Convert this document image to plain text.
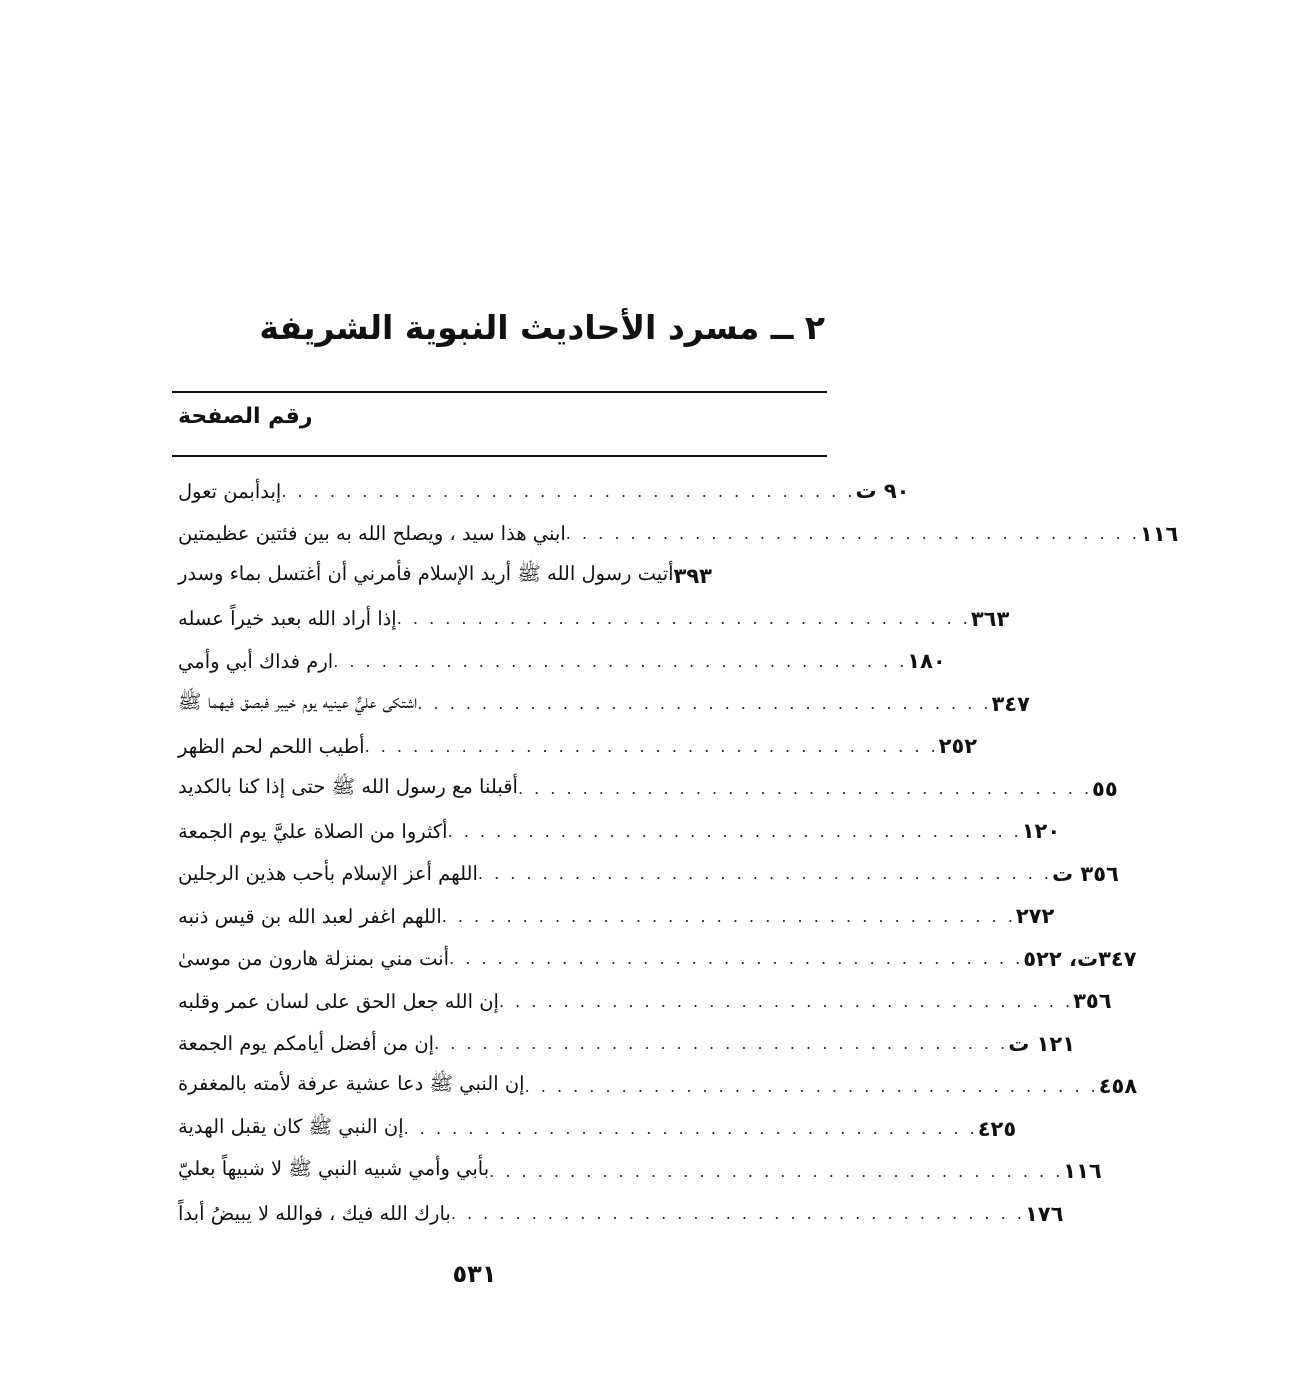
٢ ــ مسرد الأحاديث النبوية الشريفة
رقم الصفحة
إبدأبمن تعول . . . . . . . . . . . . . . . . . . . . . . . . . . . . . . . . . . . . ٩٠ ت
ابني هذا سيد ، ويصلح الله به بين فئتين عظيمتين . . . . . . . . . . . . . . . . . . . . . . . . . . . . . . . . . . . . ١١٦
أتيت رسول الله ﷺ أريد الإسلام فأمرني أن أغتسل بماء وسدر ٣٩٣
إذا أراد الله بعبد خيراً عسله . . . . . . . . . . . . . . . . . . . . . . . . . . . . . . . . . . . . ٣٦٣
ارم فداك أبي وأمي . . . . . . . . . . . . . . . . . . . . . . . . . . . . . . . . . . . . ١٨٠
اشتكى عليٌّ عينيه يوم خيبر فبصق فيهما ﷺ . . . . . . . . . . . . . . . . . . . . . . . . . . . . . . . . . . . . ٣٤٧
أطيب اللحم لحم الظهر . . . . . . . . . . . . . . . . . . . . . . . . . . . . . . . . . . . . ٢٥٢
أقبلنا مع رسول الله ﷺ حتى إذا كنا بالكديد . . . . . . . . . . . . . . . . . . . . . . . . . . . . . . . . . . . . ٥٥
أكثروا من الصلاة عليَّ يوم الجمعة . . . . . . . . . . . . . . . . . . . . . . . . . . . . . . . . . . . . ١٢٠
اللهم أعز الإسلام بأحب هذين الرجلين . . . . . . . . . . . . . . . . . . . . . . . . . . . . . . . . . . . . ٣٥٦ ت
اللهم اغفر لعبد الله بن قيس ذنبه . . . . . . . . . . . . . . . . . . . . . . . . . . . . . . . . . . . . ٢٧٢
أنت مني بمنزلة هارون من موسىٰ . . . . . . . . . . . . . . . . . . . . . . . . . . . . . . . . . . . . ٣٤٧ت، ٥٢٢
إن الله جعل الحق على لسان عمر وقلبه . . . . . . . . . . . . . . . . . . . . . . . . . . . . . . . . . . . . ٣٥٦
إن من أفضل أيامكم يوم الجمعة . . . . . . . . . . . . . . . . . . . . . . . . . . . . . . . . . . . . ١٢١ ت
إن النبي ﷺ دعا عشية عرفة لأمته بالمغفرة . . . . . . . . . . . . . . . . . . . . . . . . . . . . . . . . . . . . ٤٥٨
إن النبي ﷺ كان يقبل الهدية . . . . . . . . . . . . . . . . . . . . . . . . . . . . . . . . . . . . ٤٢٥
بأبي وأمي شبيه النبي ﷺ لا شبيهاً بعليّ . . . . . . . . . . . . . . . . . . . . . . . . . . . . . . . . . . . . ١١٦
بارك الله فيك ، فوالله لا يبيضُ أبداً . . . . . . . . . . . . . . . . . . . . . . . . . . . . . . . . . . . . ١٧٦
٥٣١
